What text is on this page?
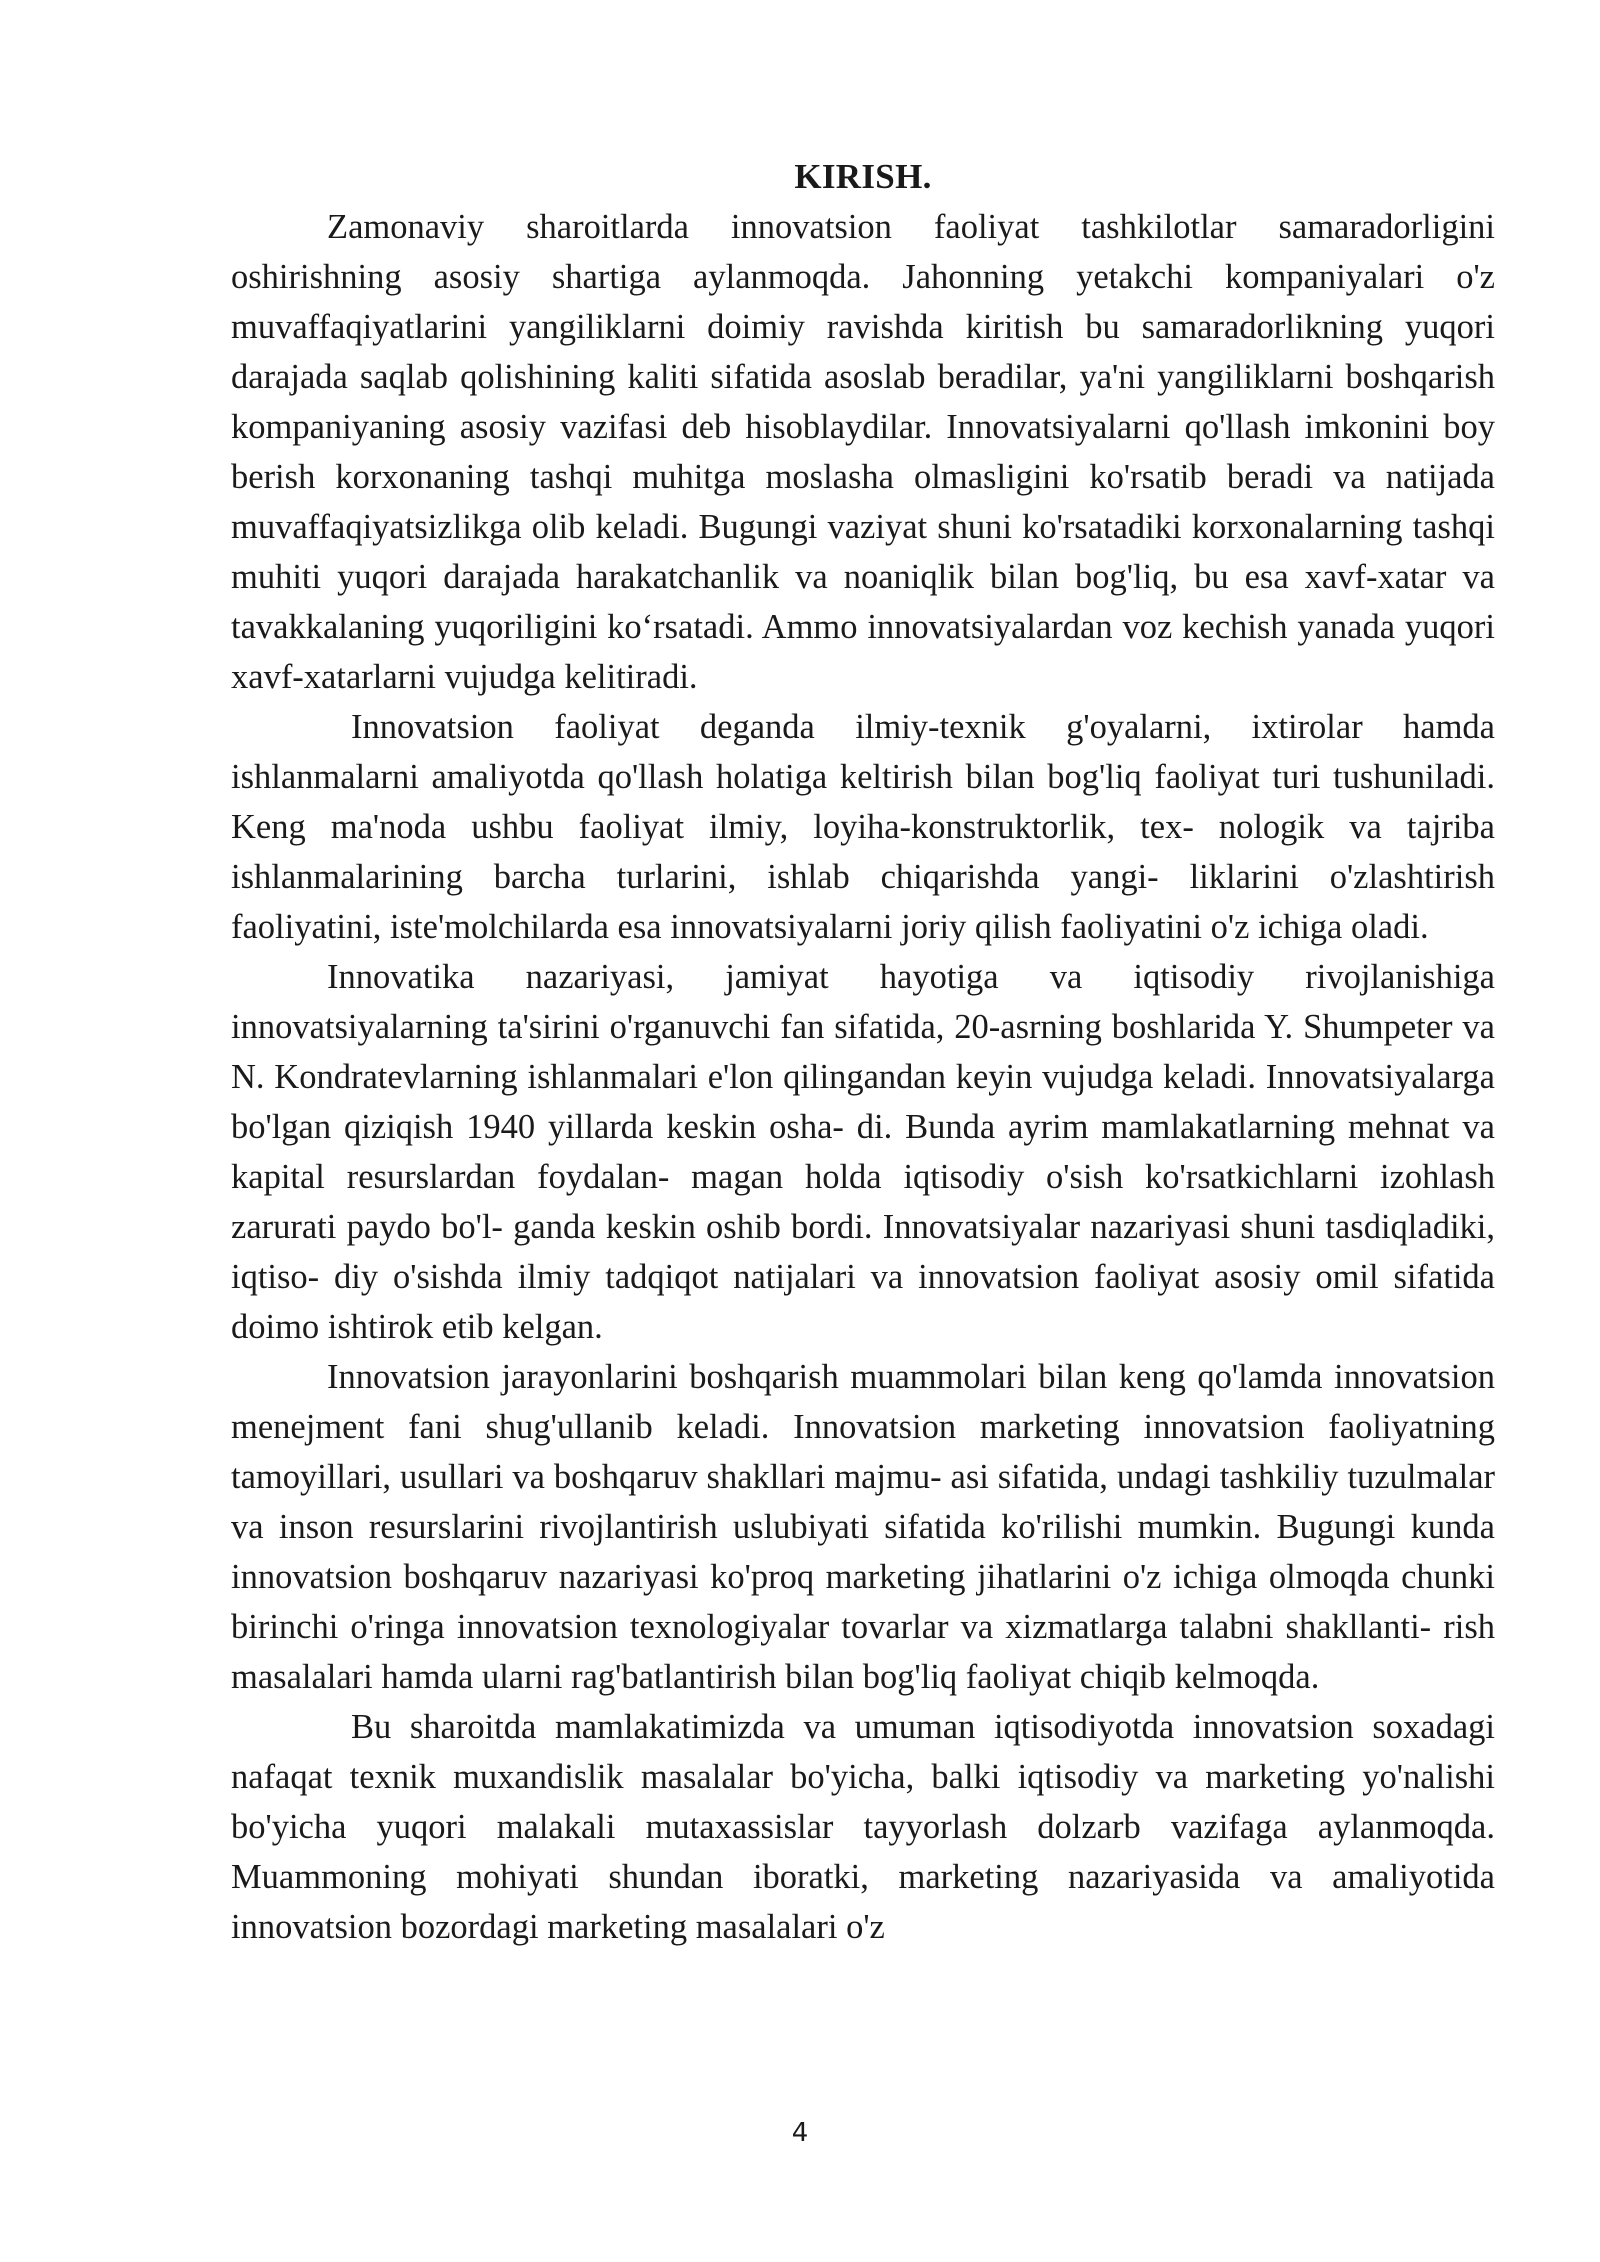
KIRISH.

Zamonaviy sharoitlarda innovatsion faoliyat tashkilotlar samaradorligini oshirishning asosiy shartiga aylanmoqda. Jahonning yetakchi kompaniyalari o'z muvaffaqiyatlarini yangiliklarni doimiy ravishda kiritish bu samaradorlikning yuqori darajada saqlab qolishining kaliti sifatida asoslab beradilar, ya'ni yangiliklarni boshqarish kompaniyaning asosiy vazifasi deb hisoblaydilar. Innovatsiyalarni qo'llash imkonini boy berish korxonaning tashqi muhitga moslasha olmasligini ko'rsatib beradi va natijada muvaffaqiyatsizlikga olib keladi. Bugungi vaziyat shuni ko'rsatadiki korxonalarning tashqi muhiti yuqori darajada harakatchanlik va noaniqlik bilan bog'liq, bu esa xavf-xatar va tavakkalaning yuqoriligini ko‘rsatadi. Ammo innovatsiyalardan voz kechish yanada yuqori xavf-xatarlarni vujudga kelitiradi.

Innovatsion faoliyat deganda ilmiy-texnik g'oyalarni, ixtirolar hamda ishlanmalarni amaliyotda qo'llash holatiga keltirish bilan bog'liq faoliyat turi tushuniladi. Keng ma'noda ushbu faoliyat ilmiy, loyiha-konstruktorlik, tex- nologik va tajriba ishlanmalarining barcha turlarini, ishlab chiqarishda yangi- liklarini o'zlashtirish faoliyatini, iste'molchilarda esa innovatsiyalarni joriy qilish faoliyatini o'z ichiga oladi.

Innovatika nazariyasi, jamiyat hayotiga va iqtisodiy rivojlanishiga innovatsiyalarning ta'sirini o'rganuvchi fan sifatida, 20-asrning boshlarida Y. Shumpeter va N. Kondratevlarning ishlanmalari e'lon qilingandan keyin vujudga keladi. Innovatsiyalarga bo'lgan qiziqish 1940 yillarda keskin osha- di. Bunda ayrim mamlakatlarning mehnat va kapital resurslardan foydalan- magan holda iqtisodiy o'sish ko'rsatkichlarni izohlash zarurati paydo bo'l- ganda keskin oshib bordi. Innovatsiyalar nazariyasi shuni tasdiqladiki, iqtiso- diy o'sishda ilmiy tadqiqot natijalari va innovatsion faoliyat asosiy omil sifatida doimo ishtirok etib kelgan.

Innovatsion jarayonlarini boshqarish muammolari bilan keng qo'lamda innovatsion menejment fani shug'ullanib keladi. Innovatsion marketing innovatsion faoliyatning tamoyillari, usullari va boshqaruv shakllari majmu- asi sifatida, undagi tashkiliy tuzulmalar va inson resurslarini rivojlantirish uslubiyati sifatida ko'rilishi mumkin. Bugungi kunda innovatsion boshqaruv nazariyasi ko'proq marketing jihatlarini o'z ichiga olmoqda chunki birinchi o'ringa innovatsion texnologiyalar tovarlar va xizmatlarga talabni shakllanti- rish masalalari hamda ularni rag'batlantirish bilan bog'liq faoliyat chiqib kelmoqda.

Bu sharoitda mamlakatimizda va umuman iqtisodiyotda innovatsion soxadagi nafaqat texnik muxandislik masalalar bo'yicha, balki iqtisodiy va marketing yo'nalishi bo'yicha yuqori malakali mutaxassislar tayyorlash dolzarb vazifaga aylanmoqda. Muammoning mohiyati shundan iboratki, marketing nazariyasida va amaliyotida innovatsion bozordagi marketing masalalari o'z

4
